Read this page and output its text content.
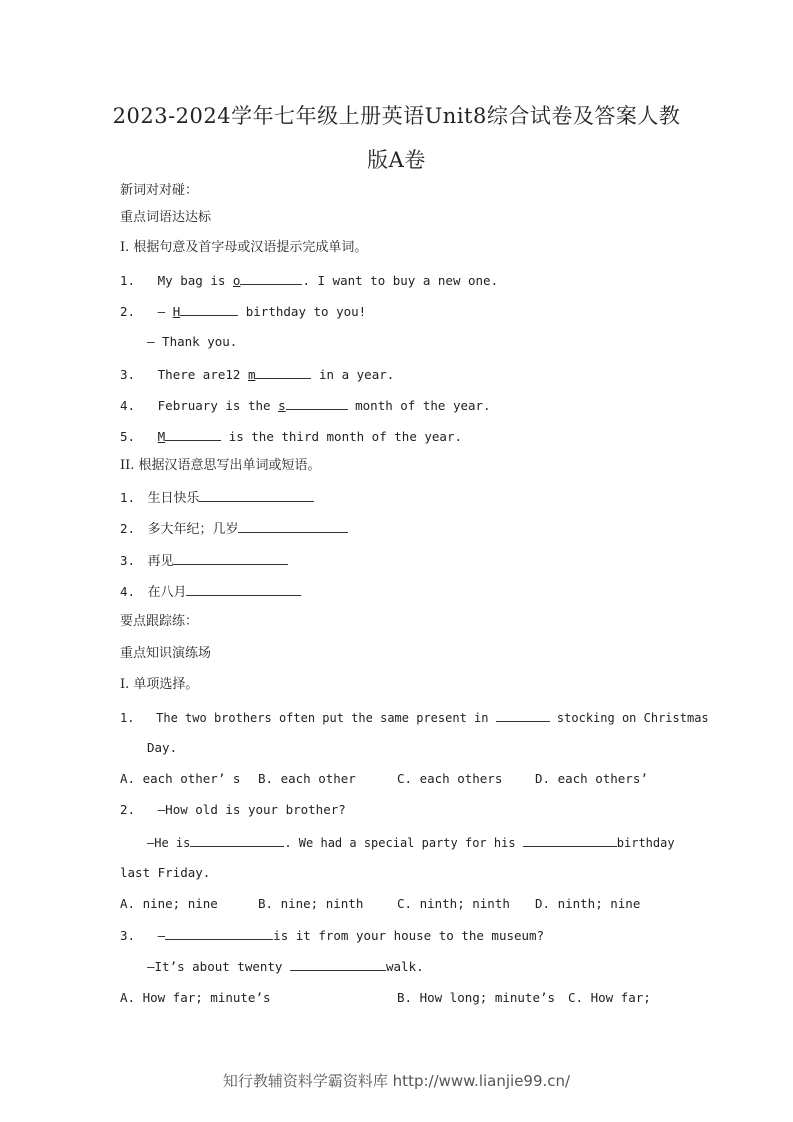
2023-2024学年七年级上册英语Unit8综合试卷及答案人教
版A卷
新词对对碰：
重点词语达达标
I. 根据句意及首字母或汉语提示完成单词。
1. My bag is o	. I want to buy a new one.
2. — H	birthday to you!
— Thank you.
3. There are12 m	in a year.
4. February is the s	month of the year.
5. M	is the third month of the year.
II. 根据汉语意思写出单词或短语。
1. 生日快乐
2. 多大年纪；几岁
3. 再见
4. 在八月
要点跟踪练：
重点知识演练场
I. 单项选择。
1. The two brothers often put the same present in	stocking on Christmas
Day.
A. each other’ s B. each other	C. each others	D. each others’
2. —How old is your brother?
—He is	. We had a special party for his	birthday
last Friday.
A. nine; nine	B. nine; ninth	C. ninth; ninth D. ninth; nine
3. —	is it from your house to the museum?
—It’s about twenty	walk.
A. How far; minute’s	B. How long; minute’s C. How far;
知行教辅资料学霸资料库 http://www.lianjie99.cn/
